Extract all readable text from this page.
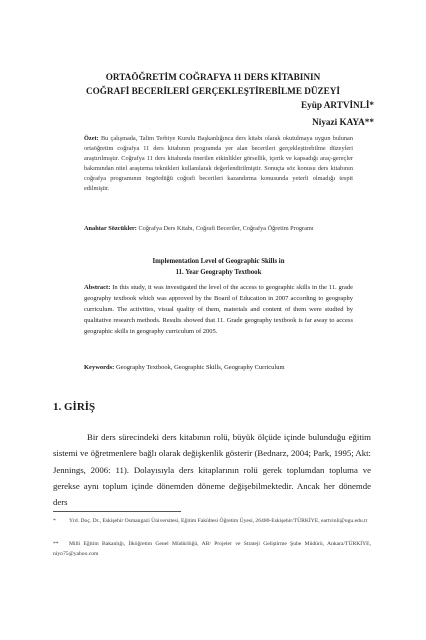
ORTAÖĞRETİM COĞRAFYA 11 DERS KİTABININ
COĞRAFİ BECERİLERİ GERÇEKLEŞTİREBİLME DÜZEYİ

Eyüp ARTVİNLİ*

Niyazi KAYA**

Özet: Bu çalışmada, Talim Terbiye Kurulu Başkanlığınca ders kitabı olarak okutulmaya uygun bulunan ortaöğretim coğrafya 11 ders kitabının programda yer alan becerileri gerçekleştirebilme düzeyleri araştırılmıştır. Coğrafya 11 ders kitabında önerilen etkinlikler görsellik, içerik ve kapsadığı araç-gereçler bakımından nitel araştırma teknikleri kullanılarak değerlendirilmiştir. Sonuçta söz konusu ders kitabının coğrafya programının öngördüğü coğrafi becerileri kazandırma konusunda yeterli olmadığı tespit edilmiştir.

Anahtar Sözcükler: Coğrafya Ders Kitabı, Coğrafi Beceriler, Coğrafya Öğretim Programı

Implementation Level of Geographic Skills in
11. Year Geography Textbook

Abstract: In this study, it was investigated the level of the access to geographic skills in the 11. grade geography textbook which was approved by the Board of Education in 2007 according to geography curriculum. The activities, visual quality of them, materials and content of them were studied by qualitative research methods. Results showed that 11. Grade geography textbook is far away to access geographic skills in geography curriculum of 2005.

Keywords: Geography Textbook, Geographic Skills, Geography Curriculum

1. GİRİŞ

Bir ders sürecindeki ders kitabının rolü, büyük ölçüde içinde bulunduğu eğitim sistemi ve öğretmenlere bağlı olarak değişkenlik gösterir (Bednarz, 2004; Park, 1995; Akt: Jennings, 2006: 11). Dolayısıyla ders kitaplarının rolü gerek toplumdan topluma ve gerekse aynı toplum içinde dönemden döneme değişebilmektedir. Ancak her dönemde ders

* Yrd. Doç. Dr., Eskişehir Osmangazi Üniversitesi, Eğitim Fakültesi Öğretim Üyesi, 26480-Eskişehir/TÜRKİYE, eartvinli@ogu.edu.tr

** Milli Eğitim Bakanlığı, İlköğretim Genel Müdürlüğü, AB/ Projeler ve Strateji Geliştirme Şube Müdürü, Ankara/TÜRKİYE, niyo75@yahoo.com
